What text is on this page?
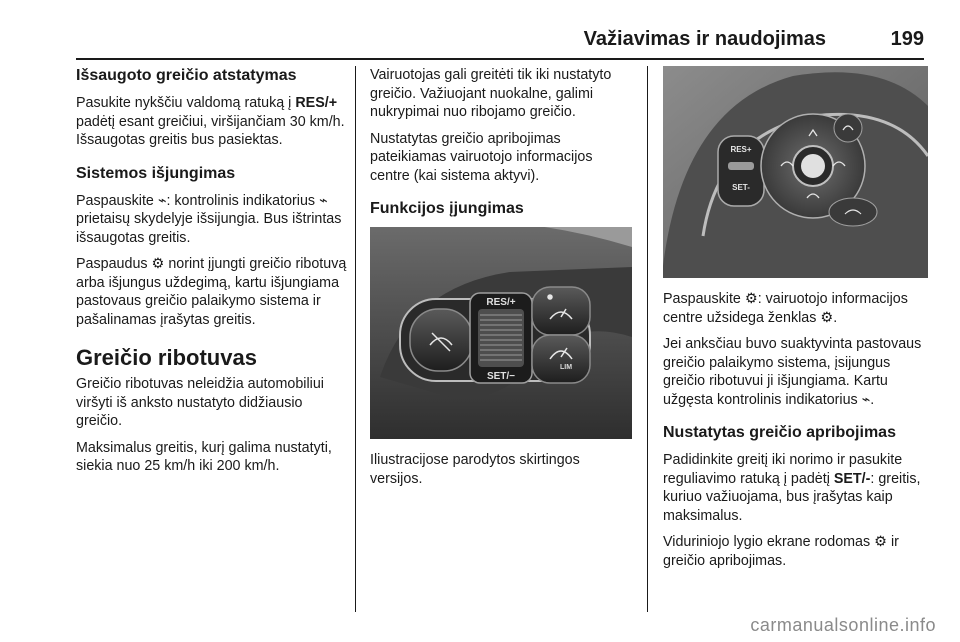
Važiavimas ir naudojimas	199
Išsaugoto greičio atstatymas

Pasukite nykščiu valdomą ratuką į RES/+ padėtį esant greičiui, viršijančiam 30 km/h. Išsaugotas greitis bus pasiektas.

Sistemos išjungimas

Paspauskite ⌁: kontrolinis indikatorius ⌁ prietaisų skydelyje išsijungia. Bus ištrintas išsaugotas greitis.

Paspaudus ⚙ norint įjungti greičio ribotuvą arba išjungus uždegimą, kartu išjungiama pastovaus greičio palaikymo sistema ir pašalinamas įrašytas greitis.

Greičio ribotuvas

Greičio ribotuvas neleidžia automobiliui viršyti iš anksto nustatyto didžiausio greičio.

Maksimalus greitis, kurį galima nustatyti, siekia nuo 25 km/h iki 200 km/h.

Vairuotojas gali greitėti tik iki nustatyto greičio. Važiuojant nuokalne, galimi nukrypimai nuo ribojamo greičio.

Nustatytas greičio apribojimas pateikiamas vairuotojo informacijos centre (kai sistema aktyvi).

Funkcijos įjungimas
RES/+
SET/−
LIM

Iliustracijose parodytos skirtingos versijos.

RES+
SET-

Paspauskite ⚙: vairuotojo informacijos centre užsidega ženklas ⚙.

Jei anksčiau buvo suaktyvinta pastovaus greičio palaikymo sistema, įsijungus greičio ribotuvui ji išjungiama. Kartu užgęsta kontrolinis indikatorius ⌁.

Nustatytas greičio apribojimas

Padidinkite greitį iki norimo ir pasukite reguliavimo ratuką į padėtį SET/-: greitis, kuriuo važiuojama, bus įrašytas kaip maksimalus.

Viduriniojo lygio ekrane rodomas ⚙ ir greičio apribojimas.

carmanualsonline.info
